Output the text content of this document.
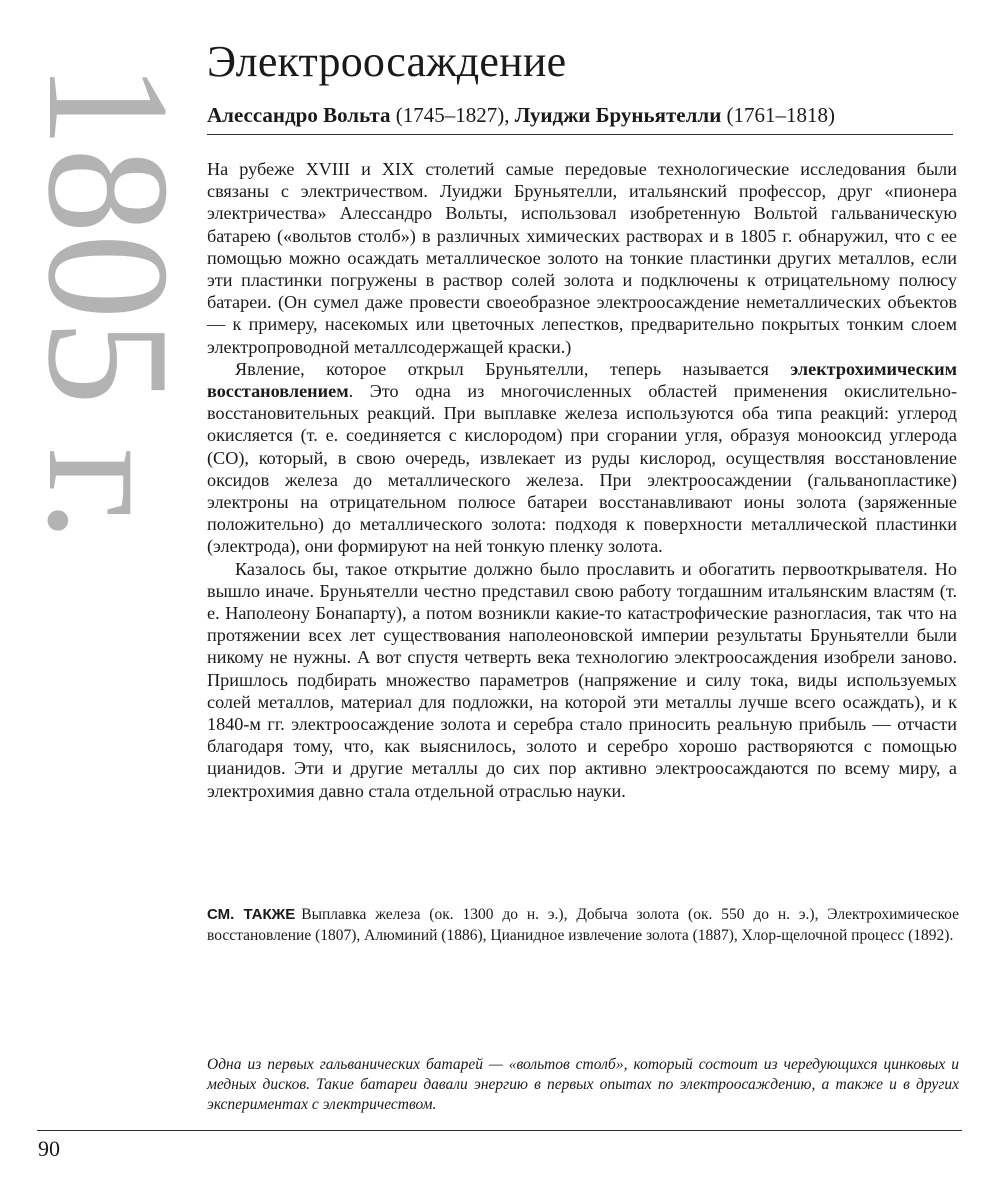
1805 г.
Электроосаждение
Алессандро Вольта (1745–1827), Луиджи Бруньятелли (1761–1818)

На рубеже XVIII и XIX столетий самые передовые технологические исследования были связаны с электричеством. Луиджи Бруньятелли, итальянский профессор, друг «пионера электричества» Алессандро Вольты, использовал изобретенную Вольтой гальваническую батарею («вольтов столб») в различных химических растворах и в 1805 г. обнаружил, что с ее помощью можно осаждать металлическое золото на тонкие пластинки других металлов, если эти пластинки погружены в раствор солей золота и подключены к отрицательному полюсу батареи. (Он сумел даже провести своеобразное электроосаждение неметаллических объектов — к примеру, насекомых или цветочных лепестков, предварительно покрытых тонким слоем электропроводной металлсодержащей краски.)

Явление, которое открыл Бруньятелли, теперь называется электрохимическим восстановлением. Это одна из многочисленных областей применения окислительно-восстановительных реакций. При выплавке железа используются оба типа реакций: углерод окисляется (т. е. соединяется с кислородом) при сгорании угля, образуя монооксид углерода (CO), который, в свою очередь, извлекает из руды кислород, осуществляя восстановление оксидов железа до металлического железа. При электроосаждении (гальванопластике) электроны на отрицательном полюсе батареи восстанавливают ионы золота (заряженные положительно) до металлического золота: подходя к поверхности металлической пластинки (электрода), они формируют на ней тонкую пленку золота.

Казалось бы, такое открытие должно было прославить и обогатить первооткрывателя. Но вышло иначе. Бруньятелли честно представил свою работу тогдашним итальянским властям (т. е. Наполеону Бонапарту), а потом возникли какие-то катастрофические разногласия, так что на протяжении всех лет существования наполеоновской империи результаты Бруньятелли были никому не нужны. А вот спустя четверть века технологию электроосаждения изобрели заново. Пришлось подбирать множество параметров (напряжение и силу тока, виды используемых солей металлов, материал для подложки, на которой эти металлы лучше всего осаждать), и к 1840-м гг. электроосаждение золота и серебра стало приносить реальную прибыль — отчасти благодаря тому, что, как выяснилось, золото и серебро хорошо растворяются с помощью цианидов. Эти и другие металлы до сих пор активно электроосаждаются по всему миру, а электрохимия давно стала отдельной отраслью науки.

СМ. ТАКЖЕ Выплавка железа (ок. 1300 до н. э.), Добыча золота (ок. 550 до н. э.), Электрохимическое восстановление (1807), Алюминий (1886), Цианидное извлечение золота (1887), Хлор-щелочной процесс (1892).
Одна из первых гальванических батарей — «вольтов столб», который состоит из чередующихся цинковых и медных дисков. Такие батареи давали энергию в первых опытах по электроосаждению, а также и в других экспериментах с электричеством.
90
